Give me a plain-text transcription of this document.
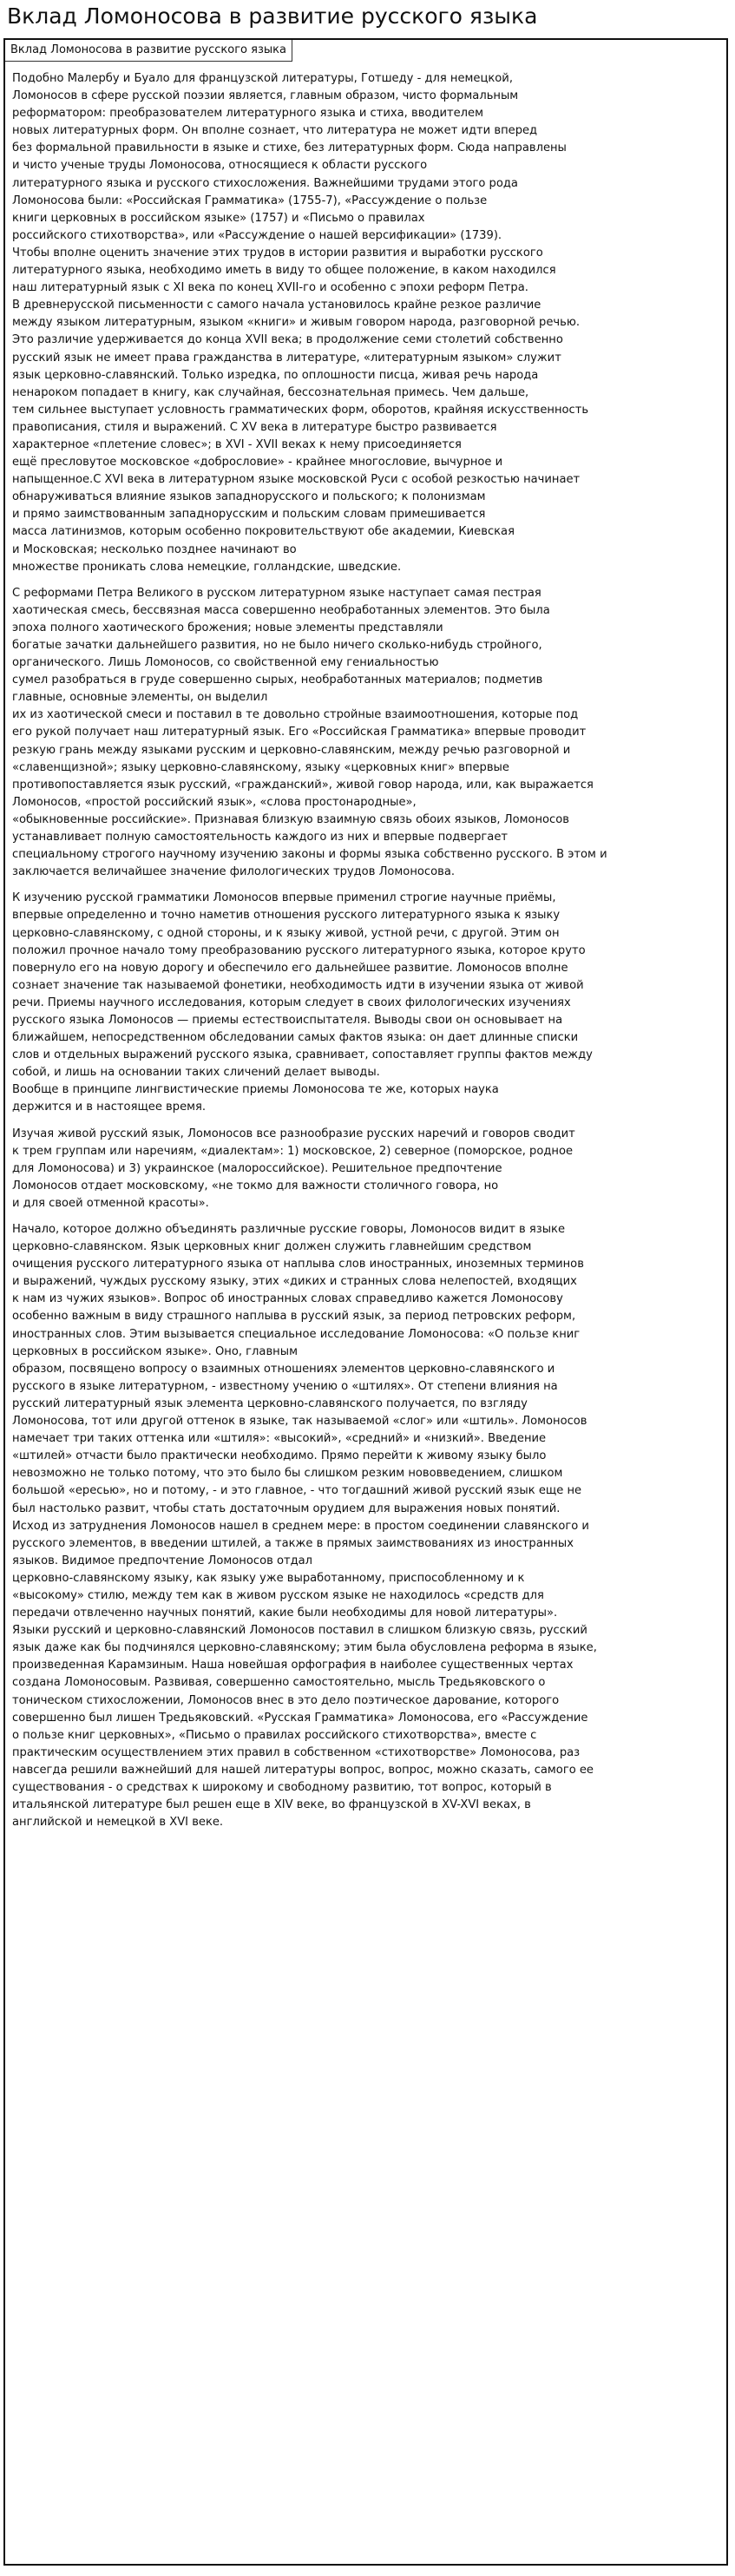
Вклад Ломоносова в развитие русского языка
Вклад Ломоносова в развитие русского языка

Подобно Малербу и Буало для французской литературы, Готшеду - для немецкой,
Ломоносов в сфере русской поэзии является, главным образом, чисто формальным
реформатором: преобразователем литературного языка и стиха, вводителем
новых литературных форм. Он вполне сознает, что литература не может идти вперед
без формальной правильности в языке и стихе, без литературных форм. Сюда направлены
и чисто ученые труды Ломоносова, относящиеся к области русского
литературного языка и русского стихосложения. Важнейшими трудами этого рода
Ломоносова были: «Российская Грамматика» (1755-7), «Рассуждение о пользе
книги церковных в российском языке» (1757) и «Письмо о правилах
российского стихотворства», или «Рассуждение о нашей версификации» (1739).
Чтобы вполне оценить значение этих трудов в истории развития и выработки русского
литературного языка, необходимо иметь в виду то общее положение, в каком находился
наш литературный язык с XI века по конец XVII-го и особенно с эпохи реформ Петра.
В древнерусской письменности с самого начала установилось крайне резкое различие
между языком литературным, языком «книги» и живым говором народа, разговорной речью.
Это различие удерживается до конца XVII века; в продолжение семи столетий собственно
русский язык не имеет права гражданства в литературе, «литературным языком» служит
язык церковно-славянский. Только изредка, по оплошности писца, живая речь народа
ненароком попадает в книгу, как случайная, бессознательная примесь. Чем дальше,
тем сильнее выступает условность грамматических форм, оборотов, крайняя искусственность
правописания, стиля и выражений. С XV века в литературе быстро развивается
характерное «плетение словес»; в XVI - XVII веках к нему присоединяется
ещё пресловутое московское «добрословие» - крайнее многословие, вычурное и
напыщенное.С XVI века в литературном языке московской Руси с особой резкостью начинает
обнаруживаться влияние языков западнорусского и польского; к полонизмам
и прямо заимствованным западнорусским и польским словам примешивается
масса латинизмов, которым особенно покровительствуют обе академии, Киевская
и Московская; несколько позднее начинают во
множестве проникать слова немецкие, голландские, шведские.

С реформами Петра Великого в русском литературном языке наступает самая пестрая
хаотическая смесь, бессвязная масса совершенно необработанных элементов. Это была
эпоха полного хаотического брожения; новые элементы представляли
богатые зачатки дальнейшего развития, но не было ничего сколько-нибудь стройного,
органического. Лишь Ломоносов, со свойственной ему гениальностью
сумел разобраться в груде совершенно сырых, необработанных материалов; подметив
главные, основные элементы, он выделил
их из хаотической смеси и поставил в те довольно стройные взаимоотношения, которые под
его рукой получает наш литературный язык. Его «Российская Грамматика» впервые проводит
резкую грань между языками русским и церковно-славянским, между речью разговорной и
«славенщизной»; языку церковно-славянскому, языку «церковных книг» впервые
противопоставляется язык русский, «гражданский», живой говор народа, или, как выражается
Ломоносов, «простой российский язык», «слова простонародные»,
«обыкновенные российские». Признавая близкую взаимную связь обоих языков, Ломоносов
устанавливает полную самостоятельность каждого из них и впервые подвергает
специальному строгого научному изучению законы и формы языка собственно русского. В этом и
заключается величайшее значение филологических трудов Ломоносова.

К изучению русской грамматики Ломоносов впервые применил строгие научные приёмы,
впервые определенно и точно наметив отношения русского литературного языка к языку
церковно-славянскому, с одной стороны, и к языку живой, устной речи, с другой. Этим он
положил прочное начало тому преобразованию русского литературного языка, которое круто
повернуло его на новую дорогу и обеспечило его дальнейшее развитие. Ломоносов вполне
сознает значение так называемой фонетики, необходимость идти в изучении языка от живой
речи. Приемы научного исследования, которым следует в своих филологических изучениях
русского языка Ломоносов — приемы естествоиспытателя. Выводы свои он основывает на
ближайшем, непосредственном обследовании самых фактов языка: он дает длинные списки
слов и отдельных выражений русского языка, сравнивает, сопоставляет группы фактов между
собой, и лишь на основании таких сличений делает выводы.
Вообще в принципе лингвистические приемы Ломоносова те же, которых наука
держится и в настоящее время.

Изучая живой русский язык, Ломоносов все разнообразие русских наречий и говоров сводит
к трем группам или наречиям, «диалектам»: 1) московское, 2) северное (поморское, родное
для Ломоносова) и 3) украинское (малороссийское). Решительное предпочтение
Ломоносов отдает московскому, «не токмо для важности столичного говора, но
и для своей отменной красоты».

Начало, которое должно объединять различные русские говоры, Ломоносов видит в языке
церковно-славянском. Язык церковных книг должен служить главнейшим средством
очищения русского литературного языка от наплыва слов иностранных, иноземных терминов
и выражений, чуждых русскому языку, этих «диких и странных слова нелепостей, входящих
к нам из чужих языков». Вопрос об иностранных словах справедливо кажется Ломоносову
особенно важным в виду страшного наплыва в русский язык, за период петровских реформ,
иностранных слов. Этим вызывается специальное исследование Ломоносова: «О пользе книг
церковных в российском языке». Оно, главным
образом, посвящено вопросу о взаимных отношениях элементов церковно-славянского и
русского в языке литературном, - известному учению о «штилях». От степени влияния на
русский литературный язык элемента церковно-славянского получается, по взгляду
Ломоносова, тот или другой оттенок в языке, так называемой «слог» или «штиль». Ломоносов
намечает три таких оттенка или «штиля»: «высокий», «средний» и «низкий». Введение
«штилей» отчасти было практически необходимо. Прямо перейти к живому языку было
невозможно не только потому, что это было бы слишком резким нововведением, слишком
большой «ересью», но и потому, - и это главное, - что тогдашний живой русский язык еще не
был настолько развит, чтобы стать достаточным орудием для выражения новых понятий.
Исход из затруднения Ломоносов нашел в среднем мере: в простом соединении славянского и
русского элементов, в введении штилей, а также в прямых заимствованиях из иностранных
языков. Видимое предпочтение Ломоносов отдал
церковно-славянскому языку, как языку уже выработанному, приспособленному и к
«высокому» стилю, между тем как в живом русском языке не находилось «средств для
передачи отвлеченно научных понятий, какие были необходимы для новой литературы».
Языки русский и церковно-славянский Ломоносов поставил в слишком близкую связь, русский
язык даже как бы подчинялся церковно-славянскому; этим была обусловлена реформа в языке,
произведенная Карамзиным. Наша новейшая орфография в наиболее существенных чертах
создана Ломоносовым. Развивая, совершенно самостоятельно, мысль Тредьяковского о
тоническом стихосложении, Ломоносов внес в это дело поэтическое дарование, которого
совершенно был лишен Тредьяковский. «Русская Грамматика» Ломоносова, его «Рассуждение
о пользе книг церковных», «Письмо о правилах российского стихотворства», вместе с
практическим осуществлением этих правил в собственном «стихотворстве» Ломоносова, раз
навсегда решили важнейший для нашей литературы вопрос, вопрос, можно сказать, самого ее
существования - о средствах к широкому и свободному развитию, тот вопрос, который в
итальянской литературе был решен еще в XIV веке, во французской в XV-XVI веках, в
английской и немецкой в XVI веке.
